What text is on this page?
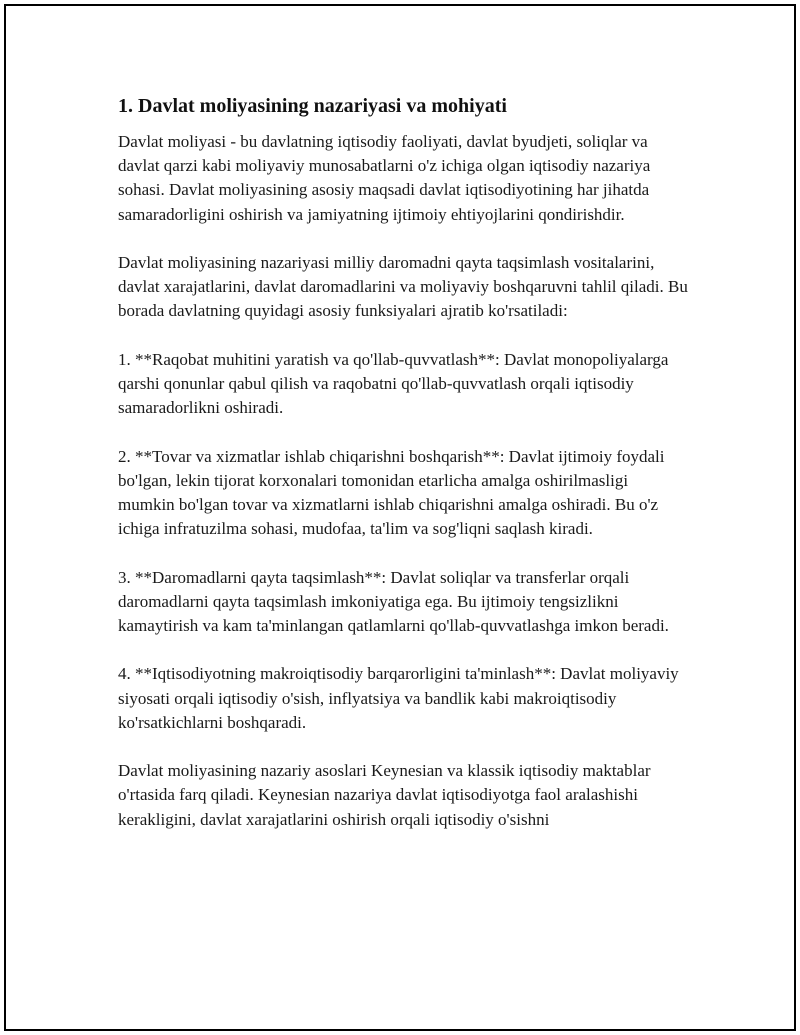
1. Davlat moliyasining nazariyasi va mohiyati

Davlat moliyasi - bu davlatning iqtisodiy faoliyati, davlat byudjeti, soliqlar va davlat qarzi kabi moliyaviy munosabatlarni o'z ichiga olgan iqtisodiy nazariya sohasi. Davlat moliyasining asosiy maqsadi davlat iqtisodiyotining har jihatda samaradorligini oshirish va jamiyatning ijtimoiy ehtiyojlarini qondirishdir.

Davlat moliyasining nazariyasi milliy daromadni qayta taqsimlash vositalarini, davlat xarajatlarini, davlat daromadlarini va moliyaviy boshqaruvni tahlil qiladi. Bu borada davlatning quyidagi asosiy funksiyalari ajratib ko'rsatiladi:

1. **Raqobat muhitini yaratish va qo'llab-quvvatlash**: Davlat monopoliyalarga qarshi qonunlar qabul qilish va raqobatni qo'llab-quvvatlash orqali iqtisodiy samaradorlikni oshiradi.

2. **Tovar va xizmatlar ishlab chiqarishni boshqarish**: Davlat ijtimoiy foydali bo'lgan, lekin tijorat korxonalari tomonidan etarlicha amalga oshirilmasligi mumkin bo'lgan tovar va xizmatlarni ishlab chiqarishni amalga oshiradi. Bu o'z ichiga infratuzilma sohasi, mudofaa, ta'lim va sog'liqni saqlash kiradi.

3. **Daromadlarni qayta taqsimlash**: Davlat soliqlar va transferlar orqali daromadlarni qayta taqsimlash imkoniyatiga ega. Bu ijtimoiy tengsizlikni kamaytirish va kam ta'minlangan qatlamlarni qo'llab-quvvatlashga imkon beradi.

4. **Iqtisodiyotning makroiqtisodiy barqarorligini ta'minlash**: Davlat moliyaviy siyosati orqali iqtisodiy o'sish, inflyatsiya va bandlik kabi makroiqtisodiy ko'rsatkichlarni boshqaradi.

Davlat moliyasining nazariy asoslari Keynesian va klassik iqtisodiy maktablar o'rtasida farq qiladi. Keynesian nazariya davlat iqtisodiyotga faol aralashishi kerakligini, davlat xarajatlarini oshirish orqali iqtisodiy o'sishni
